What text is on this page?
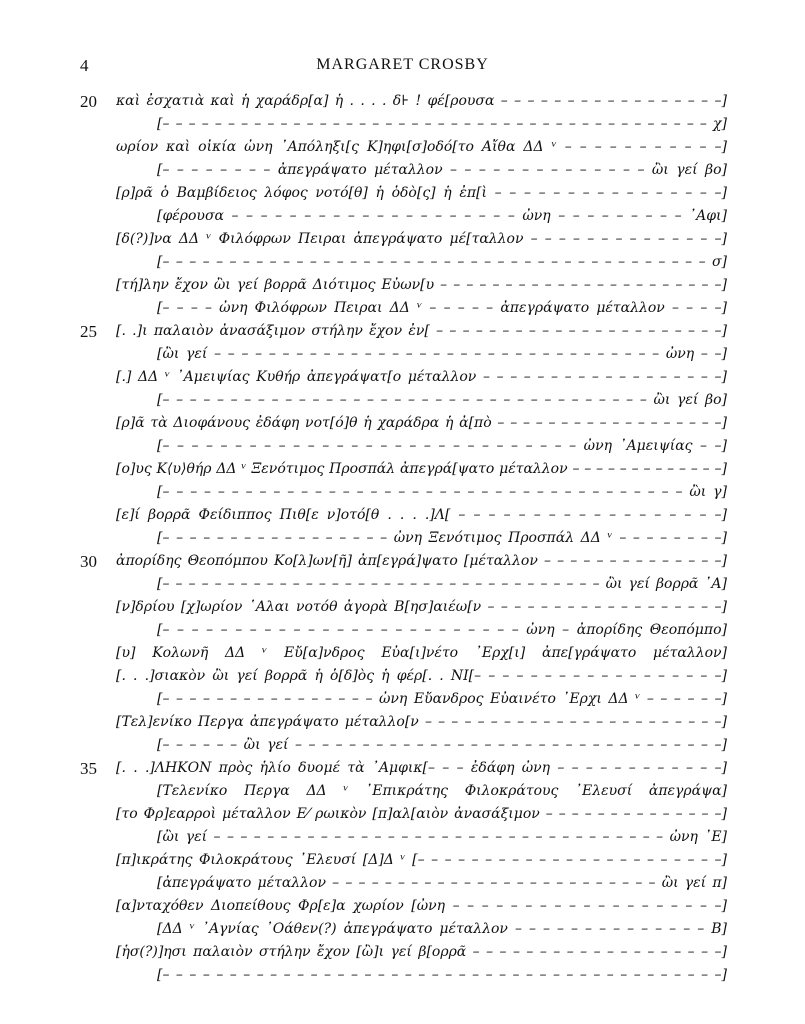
4	MARGARET CROSBY
20	καὶ ἐσχατιὰ καὶ ἡ χαράδρ[α] ἡ . . . . δ⊦ ! φέ[ρουσα – – – – – – – – – – – – – – – – –]
[– – – – – – – – – – – – – – – – – – – – – – – – – – – – – – – – – – – – – – – – – – χ]
ωρίον καὶ οἰκία ὠνη ᾿Απόληξι[ς Κ]ηφι[σ]οδό[το Αἴθα ΔΔ ᵛ – – – – – – – – – – –]
[– – – – – – – – ἀπεγράψατο μέταλλον – – – – – – – – – – – – – – ὢι γεί βο]
[ρ]ρᾶ ὁ Βαμβίδειος λόφος νοτό[θ] ἡ ὁδὸ[ς] ἡ ἐπ[ὶ – – – – – – – – – – – – – – – –]
[φέρουσα – – – – – – – – – – – – – – – – – – – – ὠνη – – – – – – – – – ᾿Αφι]
[δ(?)]να ΔΔ ᵛ Φιλόφρων Πειραι ἀπεγράψατο μέ[ταλλον – – – – – – – – – – – – – –]
[– – – – – – – – – – – – – – – – – – – – – – – – – – – – – – – – – – – – – – – – – σ]
[τή]λην ἔχον ὢι γεί βορρᾶ Διότιμος Εὐων[υ – – – – – – – – – – – – – – – – – – – – – –]
[– – – – ὠνη Φιλόφρων Πειραι ΔΔ ᵛ – – – – – ἀπεγράψατο μέταλλον – – – –]
25	[. .]ι παλαιὸν ἀνασάξιμον στήλην ἔχον ἐν[ – – – – – – – – – – – – – – – – – – – – – –]
[ὢι γεί – – – – – – – – – – – – – – – – – – – – – – – – – – – – – – – – – ὠνη – –]
[.] ΔΔ ᵛ ᾿Αμειψίας Κυθήρ ἀπεγράψατ[ο μέταλλον – – – – – – – – – – – – – – – – – –]
[– – – – – – – – – – – – – – – – – – – – – – – – – – – – – – – – – – – – ὢι γεί βο]
[ρ]ᾶ τὰ Διοφάνους ἐδάφη νοτ[ό]θ ἡ χαράδρα ἡ ἀ[πὸ – – – – – – – – – – – – – – – – – –]
[– – – – – – – – – – – – – – – – – – – – – – – – – – – – – ὠνη ᾿Αμειψίας – –]
[ο]υς Κ⟨υ⟩θήρ ΔΔ ᵛ Ξενότιμος Προσπάλ ἀπεγρά[ψατο μέταλλον – – – – – – – – – – – – –]
[– – – – – – – – – – – – – – – – – – – – – – – – – – – – – – – – – – – – – – ὢι γ]
[ε]ί βορρᾶ Φείδιππος Πιθ[ε ν]οτό[θ . . . .]Λ[ – – – – – – – – – – – – – – – – – –]
[– – – – – – – – – – – – – – – – – ὠνη Ξενότιμος Προσπάλ ΔΔ ᵛ – – – – – – – –]
30	ἀπορίδης Θεοπόμπου Κο[λ]ων[ῆ] ἀπ[εγρά]ψατο [μέταλλον – – – – – – – – – – – – – –]
[– – – – – – – – – – – – – – – – – – – – – – – – – – – – – – – – – – ὢι γεί βορρᾶ ᾿Α]
[ν]δρίου [χ]ωρίον ῾Αλαι νοτόθ ἀγορὰ Β[ησ]αιέω[ν – – – – – – – – – – – – – – – – – –]
[– – – – – – – – – – – – – – – – – – – – – – – – – ὠνη – ἀπορίδης Θεοπόμπο]
[υ] Κολωνῆ ΔΔ ᵛ Εὔ[α]νδρος Εὐα[ι]νέτο ᾿Ερχ[ι] ἀπε[γράψατο μέταλλον]
[. . .]σιακὸν ὢι γεί βορρᾶ ἡ ὁ[δ]ὸς ἡ φέρ[. . ΝΙ[– – – – – – – – – – – – – – – – – –]
[– – – – – – – – – – – – – – – – ὠνη Εὔανδρος Εὐαινέτο ᾿Ερχι ΔΔ ᵛ – – – – – –]
[Τελ]ενίκο Περγα ἀπεγράψατο μέταλλο[ν – – – – – – – – – – – – – – – – – – – – – – –]
[– – – – – – ὢι γεί – – – – – – – – – – – – – – – – – – – – – – – – – – – – – – – –]
35	[. . .]ΛΗΚΟΝ πρὸς ἡλίο δυομέ τὰ ᾿Αμφικ[– – – ἐδάφη ὠνη – – – – – – – – – – – –]
[Τελενίκο Περγα ΔΔ ᵛ ᾿Επικράτης Φιλοκράτους ᾿Ελευσί ἀπεγράψα]
[το Φρ]εαρροὶ μέταλλον Ε⁄ ρωικὸν [π]αλ[αιὸν ἀνασάξιμον – – – – – – – – – – – – – –]
[ὢι γεί – – – – – – – – – – – – – – – – – – – – – – – – – – – – – – – – – – ὠνη ᾿Ε]
[π]ικράτης Φιλοκράτους ᾿Ελευσί [Δ]Δ ᵛ [– – – – – – – – – – – – – – – – – – – – – – –]
[ἀπεγράψατο μέταλλον – – – – – – – – – – – – – – – – – – – – – – – – – ὢι γεί π]
[α]νταχόθεν Διοπείθους Φρ[ε]α χωρίον [ὠνη – – – – – – – – – – – – – – – – – – –]
[ΔΔ ᵛ ᾿Αγνίας ᾿Οάθεν(?) ἀπεγράψατο μέταλλον – – – – – – – – – – – – – – Β]
[ἡσ(?)]ησι παλαιὸν στήλην ἔχον [ὢ]ι γεί β[ορρᾶ – – – – – – – – – – – – – – – – – – –]
[– – – – – – – – – – – – – – – – – – – – – – – – – – – – – – – – – – – – – – – – – –]
